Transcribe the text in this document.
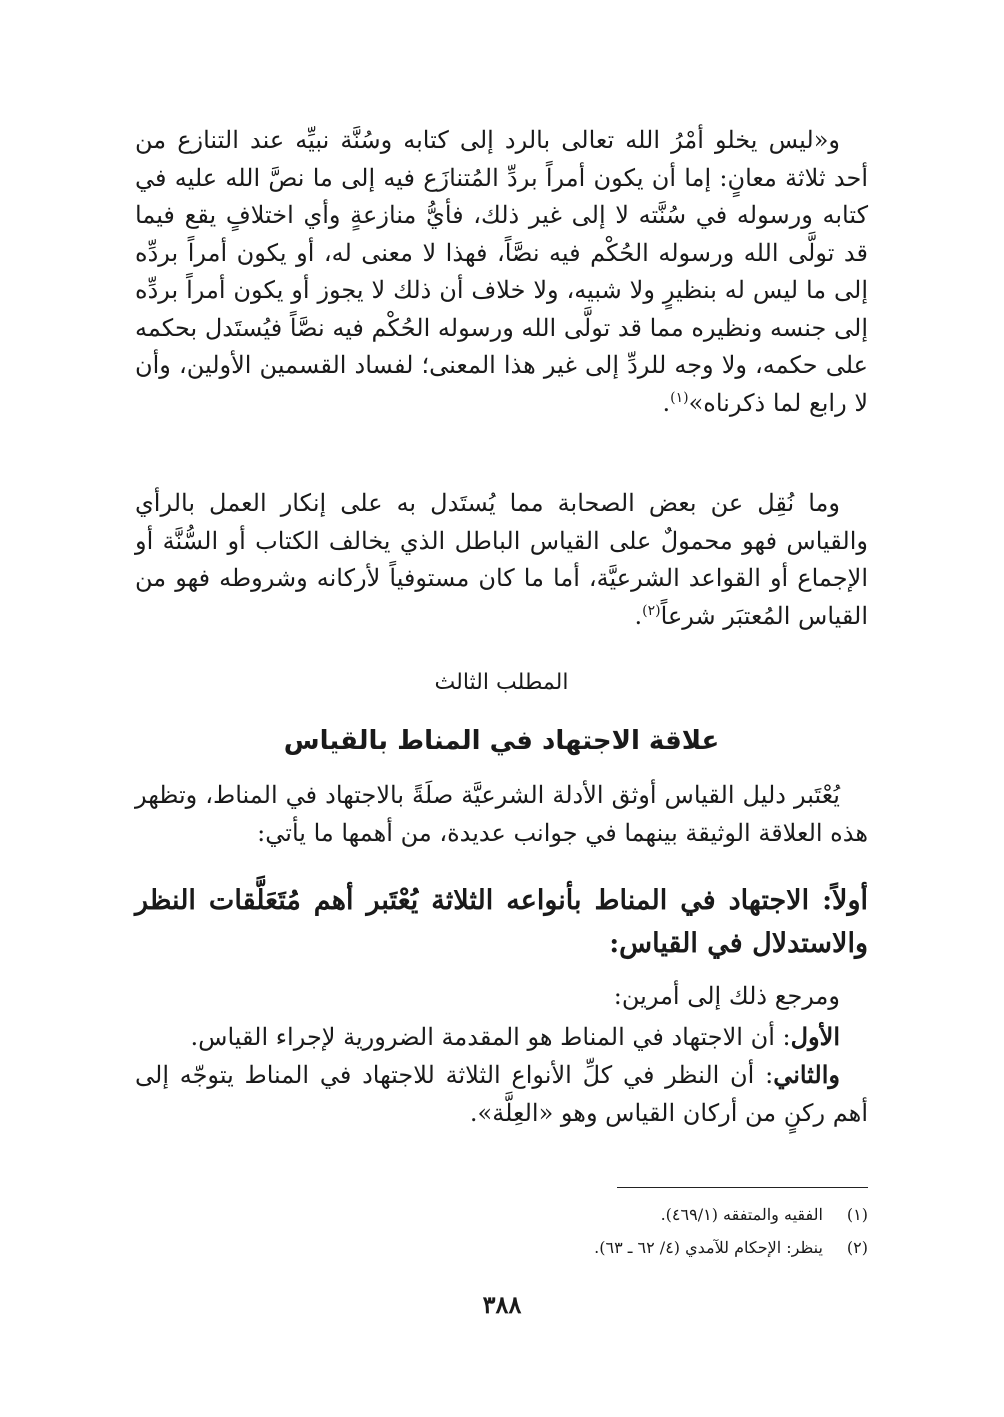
و«ليس يخلو أمْرُ الله تعالى بالرد إلى كتابه وسُنَّة نبيِّه عند التنازع من أحد ثلاثة معانٍ: إما أن يكون أمراً بردِّ المُتنازَع فيه إلى ما نصَّ الله عليه في كتابه ورسوله في سُنَّته لا إلى غير ذلك، فأيُّ منازعةٍ وأي اختلافٍ يقع فيما قد تولَّى الله ورسوله الحُكْم فيه نصَّاً، فهذا لا معنى له، أو يكون أمراً بردِّه إلى ما ليس له بنظيرٍ ولا شبيه، ولا خلاف أن ذلك لا يجوز أو يكون أمراً بردِّه إلى جنسه ونظيره مما قد تولَّى الله ورسوله الحُكْم فيه نصَّاً فيُستَدل بحكمه على حكمه، ولا وجه للردِّ إلى غير هذا المعنى؛ لفساد القسمين الأولين، وأن لا رابع لما ذكرناه»$^{(١)}$.

وما نُقِل عن بعض الصحابة مما يُستَدل به على إنكار العمل بالرأي والقياس فهو محمولٌ على القياس الباطل الذي يخالف الكتاب أو السُّنَّة أو الإجماع أو القواعد الشرعيَّة، أما ما كان مستوفياً لأركانه وشروطه فهو من القياس المُعتبَر شرعاً$^{(٢)}$.

المطلب الثالث
علاقة الاجتهاد في المناط بالقياس

يُعْتَبر دليل القياس أوثق الأدلة الشرعيَّة صلَةً بالاجتهاد في المناط، وتظهر هذه العلاقة الوثيقة بينهما في جوانب عديدة، من أهمها ما يأتي:

أولاً: الاجتهاد في المناط بأنواعه الثلاثة يُعْتَبر أهم مُتَعَلَّقات النظر والاستدلال في القياس:

ومرجع ذلك إلى أمرين:

الأول: أن الاجتهاد في المناط هو المقدمة الضرورية لإجراء القياس.

والثاني: أن النظر في كلِّ الأنواع الثلاثة للاجتهاد في المناط يتوجّه إلى أهم ركنٍ من أركان القياس وهو «العِلَّة».

(١) الفقيه والمتفقه (٤٦٩/١).
(٢) ينظر: الإحكام للآمدي (٤/ ٦٢ ـ ٦٣).
٣٨٨
